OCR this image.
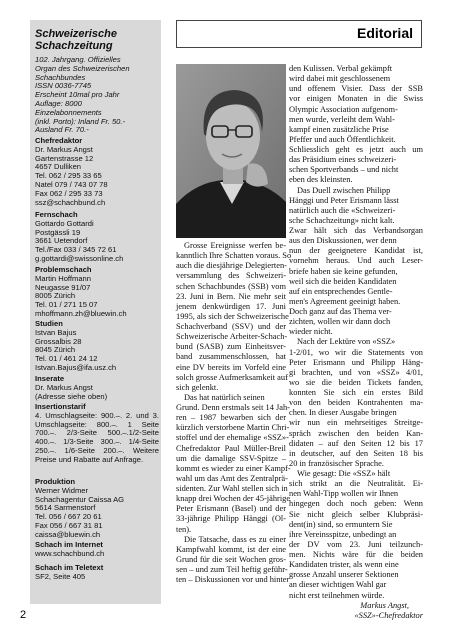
Schweizerische
Schachzeitung
102. Jahrgang. Offizielles
Organ des Schweizerischen
Schachbundes
ISSN 0036-7745
Erscheint 10mal pro Jahr
Auflage: 8000
Einzelabonnements
(inkl. Porto): Inland Fr. 50.-
Ausland Fr. 70.-
Chefredaktor
Dr. Markus Angst
Gartenstrasse 12
4657 Dulliken
Tel. 062 / 295 33 65
Natel 079 / 743 07 78
Fax 062 / 295 33 73
ssz@schachbund.ch
Fernschach
Gottardo Gottardi
Postgässli 19
3661 Uetendorf
Tel./Fax 033 / 345 72 61
g.gottardi@swissonline.ch
Problemschach
Martin Hoffmann
Neugasse 91/07
8005 Zürich
Tel. 01 / 271 15 07
mhoffmann.zh@bluewin.ch
Studien
Istvan Bajus
Grossalbis 28
8045 Zürich
Tel. 01 / 461 24 12
Istvan.Bajus@ifa.usz.ch
Inserate
Dr. Markus Angst
(Adresse siehe oben)
Insertionstarif
4. Umschlagseite: 900.–. 2. und 3. Umschlagseite: 800.–. 1 Seite 700.–. 2/3-Seite 500.–.1/2-Seite 400.–. 1/3-Seite 300.–. 1/4-Seite 250.–. 1/6-Seite 200.–. Weitere Preise und Rabatte auf Anfrage.
Produktion
Werner Widmer
Schachagentur Caissa AG
5614 Sarmenstorf
Tel. 056 / 667 20 61
Fax 056 / 667 31 81
caissa@bluewin.ch
Schach im Internet
www.schachbund.ch
Schach im Teletext
SF2, Seite 405
Editorial
Grosse Ereignisse werfen be-
kanntlich Ihre Schatten voraus. So
auch die diesjährige Delegierten-
versammlung des Schweizeri-
schen Schachbundes (SSB) vom
23. Juni in Bern. Nie mehr seit
jenem denkwürdigen 17. Juni
1995, als sich der Schweizerische
Schachverband (SSV) und der
Schweizerische Arbeiter-Schach-
bund (SASB) zum Einheitsver-
band zusammenschlossen, hat
eine DV bereits im Vorfeld eine
solch grosse Aufmerksamkeit auf
sich gelenkt.
Das hat natürlich seinen
Grund. Denn erstmals seit 14 Jah-
ren – 1987 bewarben sich der
kürzlich verstorbene Martin Chri-
stoffel und der ehemalige «SSZ»-
Chefredaktor Paul Müller-Breil
um die damalige SSV-Spitze –
kommt es wieder zu einer Kampf-
wahl um das Amt des Zentralprä-
sidenten. Zur Wahl stellen sich in
knapp drei Wochen der 45-jährige
Peter Erismann (Basel) und der
33-jährige Philipp Hänggi (Ol-
ten).
Die Tatsache, dass es zu einer
Kampfwahl kommt, ist der eine
Grund für die seit Wochen gros-
sen – und zum Teil heftig geführ-
ten – Diskussionen vor und hinter
den Kulissen. Verbal gekämpft
wird dabei mit geschlossenem
und offenem Visier. Dass der SSB
vor einigen Monaten in die Swiss
Olympic Association aufgenom-
men wurde, verleiht dem Wahl-
kampf einen zusätzliche Prise
Pfeffer und auch Öffentlichkeit.
Schliesslich geht es jetzt auch um
das Präsidium eines schweizeri-
schen Sportverbands – und nicht
eben des kleinsten.
Das Duell zwischen Philipp
Hänggi und Peter Erismann lässt
natürlich auch die «Schweizeri-
sche Schachzeitung» nicht kalt.
Zwar hält sich das Verbandsorgan
aus den Diskussionen, wer denn
nun der geeignetere Kandidat ist,
vornehm heraus. Und auch Leser-
briefe haben sie keine gefunden,
weil sich die beiden Kandidaten
auf ein entsprechendes Gentle-
men's Agreement geeinigt haben.
Doch ganz auf das Thema ver-
zichten, wollen wir dann doch
wieder nicht.
Nach der Lektüre von «SSZ»
1-2/01, wo wir die Statements von
Peter Erismann und Philipp Häng-
gi brachten, und von «SSZ» 4/01,
wo sie die beiden Tickets fanden,
konnten Sie sich ein erstes Bild
von den beiden Kontrahenten ma-
chen. In dieser Ausgabe bringen
wir nun ein mehrseitiges Streitge-
spräch zwischen den beiden Kan-
didaten – auf den Seiten 12 bis 17
in deutscher, auf den Seiten 18 bis
20 in französischer Sprache.
Wie gesagt: Die «SSZ» hält
sich strikt an die Neutralität. Ei-
nen Wahl-Tipp wollen wir Ihnen
hingegen doch noch geben: Wenn
Sie nicht gleich selber Klubpräsi-
dent(in) sind, so ermuntern Sie
ihre Vereinsspitze, unbedingt an
der DV vom 23. Juni teilzunch-
men. Nichts wäre für die beiden
Kandidaten trister, als wenn eine
grosse Anzahl unserer Sektionen
an dieser wichtigen Wahl gar
nicht erst teilnehmen würde.
Markus Angst,
«SSZ»-Chefredaktor
2
